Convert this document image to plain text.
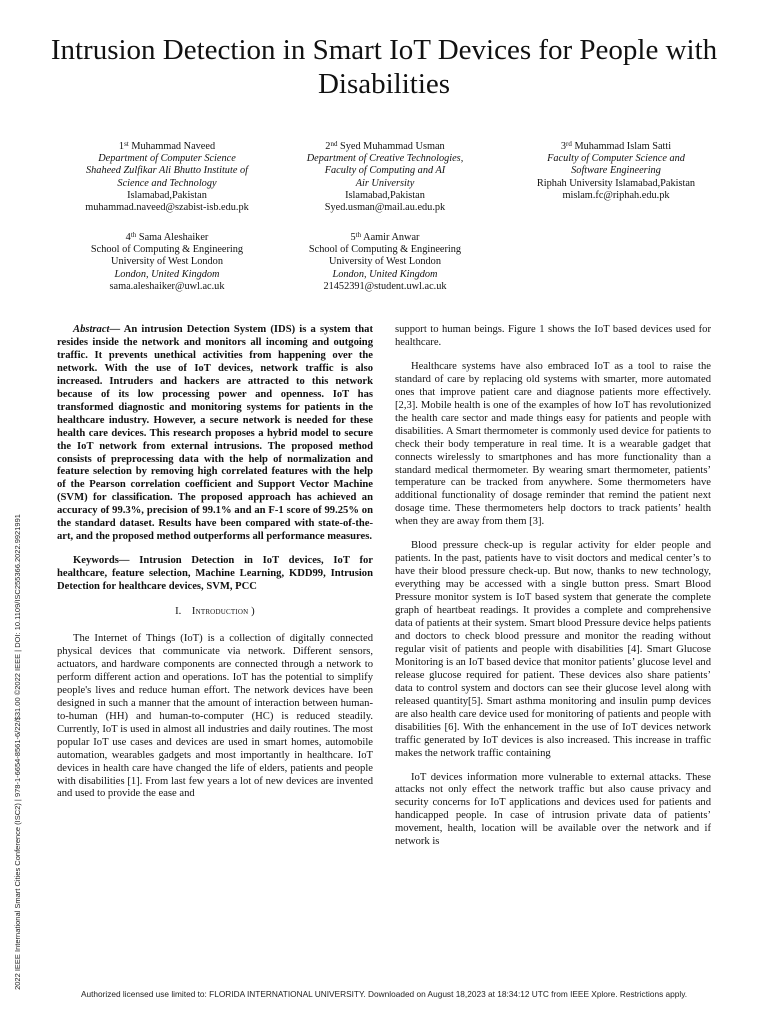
Intrusion Detection in Smart IoT Devices for People with Disabilities
1st Muhammad Naveed
Department of Computer Science
Shaheed Zulfikar Ali Bhutto Institute of
Science and Technology
Islamabad,Pakistan
muhammad.naveed@szabist-isb.edu.pk
2nd Syed Muhammad Usman
Department of Creative Technologies,
Faculty of Computing and AI
Air University
Islamabad,Pakistan
Syed.usman@mail.au.edu.pk
3rd Muhammad Islam Satti
Faculty of Computer Science and
Software Engineering
Riphah University Islamabad,Pakistan
mislam.fc@riphah.edu.pk
4th Sama Aleshaiker
School of Computing & Engineering
University of West London
London, United Kingdom
sama.aleshaiker@uwl.ac.uk
5th Aamir Anwar
School of Computing & Engineering
University of West London
London, United Kingdom
21452391@student.uwl.ac.uk

Abstract— An intrusion Detection System (IDS) is a system that resides inside the network and monitors all incoming and outgoing traffic. It prevents unethical activities from happening over the network. With the use of IoT devices, network traffic is also increased. Intruders and hackers are attracted to this network because of its low processing power and openness. IoT has transformed diagnostic and monitoring systems for patients in the healthcare industry. However, a secure network is needed for these health care devices. This research proposes a hybrid model to secure the IoT network from external intrusions. The proposed method consists of preprocessing data with the help of normalization and feature selection by removing high correlated features with the help of the Pearson correlation coefficient and Support Vector Machine (SVM) for classification. The proposed approach has achieved an accuracy of 99.3%, precision of 99.1% and an F-1 score of 99.25% on the standard dataset. Results have been compared with state-of-the-art, and the proposed method outperforms all performance measures.

Keywords— Intrusion Detection in IoT devices, IoT for healthcare, feature selection, Machine Learning, KDD99, Intrusion Detection for healthcare devices, SVM, PCC

I. Introduction )

The Internet of Things (IoT) is a collection of digitally connected physical devices that communicate via network. Different sensors, actuators, and hardware components are connected through a network to perform different action and operations. IoT has the potential to simplify people's lives and reduce human effort. The network devices have been designed in such a manner that the amount of interaction between human-to-human (HH) and human-to-computer (HC) is reduced steadily. Currently, IoT is used in almost all industries and daily routines. The most popular IoT use cases and devices are used in smart homes, automobile automation, wearables gadgets and most importantly in healthcare. IoT devices in health care have changed the life of elders, patients and people with disabilities [1]. From last few years a lot of new devices are invented and used to provide the ease and

support to human beings. Figure 1 shows the IoT based devices used for healthcare.

Healthcare systems have also embraced IoT as a tool to raise the standard of care by replacing old systems with smarter, more automated ones that improve patient care and diagnose patients more effectively. [2,3]. Mobile health is one of the examples of how IoT has revolutionized the health care sector and made things easy for patients and people with disabilities. A Smart thermometer is commonly used device for patients to check their body temperature in real time. It is a wearable gadget that connects wirelessly to smartphones and has more functionality than a standard medical thermometer. By wearing smart thermometer, patients’ temperature can be tracked from anywhere. Some thermometers have additional functionality of dosage reminder that remind the patient next dosage time. These thermometers help doctors to track patients’ health when they are away from them [3].

Blood pressure check-up is regular activity for elder people and patients. In the past, patients have to visit doctors and medical center’s to have their blood pressure check-up. But now, thanks to new technology, everything may be accessed with a single button press. Smart Blood Pressure monitor system is IoT based system that generate the complete graph of heartbeat readings. It provides a complete and comprehensive data of patients at their system. Smart blood Pressure device helps patients and doctors to check blood pressure and monitor the reading without regular visit of patients and people with disabilities [4]. Smart Glucose Monitoring is an IoT based device that monitor patients’ glucose level and release glucose required for patient. These devices also share patients’ data to control system and doctors can see their glucose level along with released quantity[5]. Smart asthma monitoring and insulin pump devices are also health care device used for monitoring of patients and people with disabilities [6]. With the enhancement in the use of IoT devices network traffic generated by IoT devices is also increased. This increase in traffic makes the network traffic containing

IoT devices information more vulnerable to external attacks. These attacks not only effect the network traffic but also cause privacy and security concerns for IoT applications and devices used for patients and handicapped people. In case of intrusion private data of patients’ movement, health, location will be available over the network and if network is

2022 IEEE International Smart Cities Conference (ISC2) | 978-1-6654-8561-6/22/$31.00 ©2022 IEEE | DOI: 10.1109/ISC255366.2022.9921991
Authorized licensed use limited to: FLORIDA INTERNATIONAL UNIVERSITY. Downloaded on August 18,2023 at 18:34:12 UTC from IEEE Xplore. Restrictions apply.
